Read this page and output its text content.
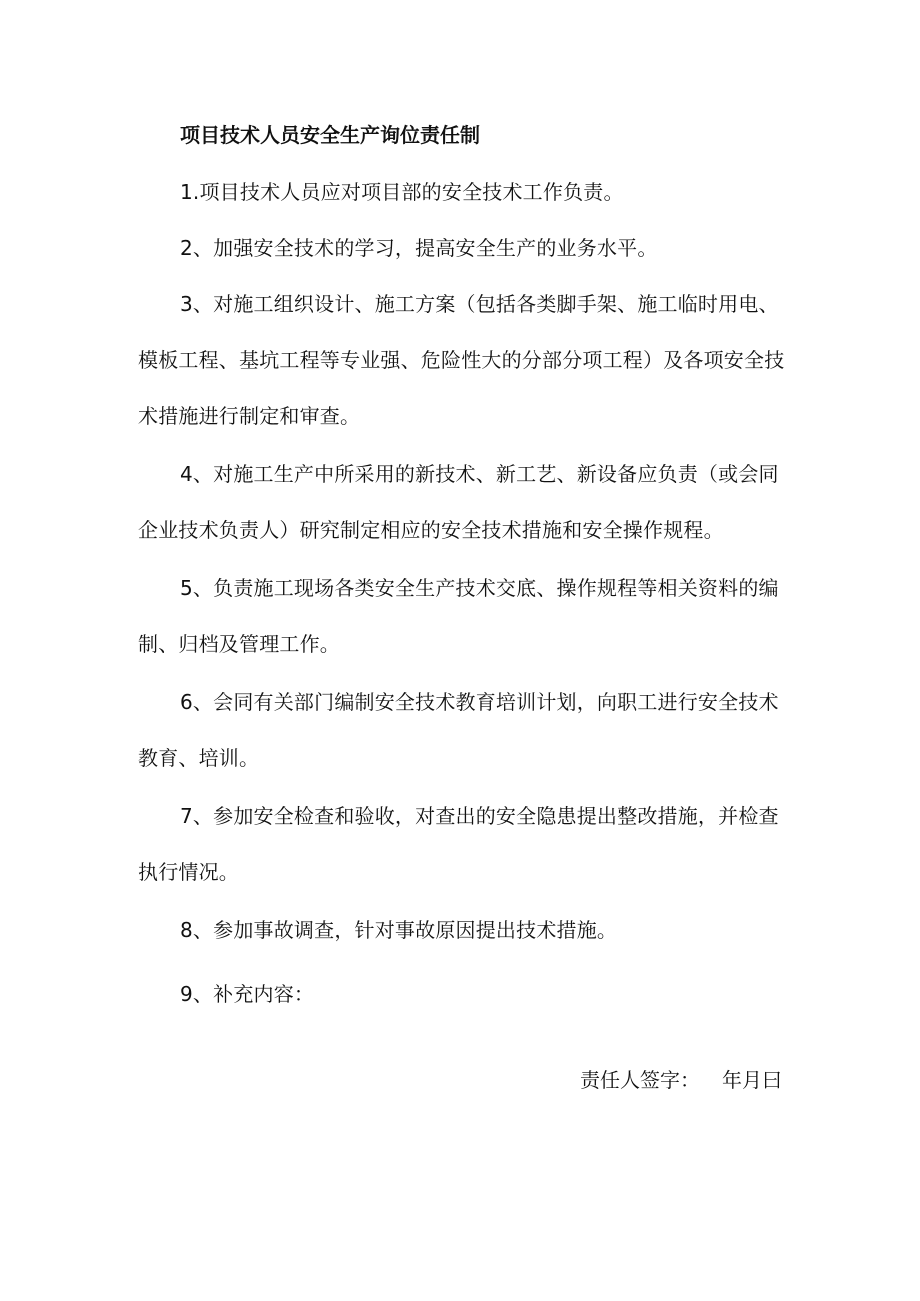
项目技术人员安全生产询位责任制
1.项目技术人员应对项目部的安全技术工作负责。
2、加强安全技术的学习，提高安全生产的业务水平。
3、对施工组织设计、施工方案（包括各类脚手架、施工临时用电、模板工程、基坑工程等专业强、危险性大的分部分项工程）及各项安全技术措施进行制定和审查。
4、对施工生产中所采用的新技术、新工艺、新设备应负责（或会同企业技术负责人）研究制定相应的安全技术措施和安全操作规程。
5、负责施工现场各类安全生产技术交底、操作规程等相关资料的编制、归档及管理工作。
6、会同有关部门编制安全技术教育培训计划，向职工进行安全技术教育、培训。
7、参加安全检查和验收，对查出的安全隐患提出整改措施，并检查执行情况。
8、参加事故调查，针对事故原因提出技术措施。
9、补充内容：
责任人签字： 年月曰
